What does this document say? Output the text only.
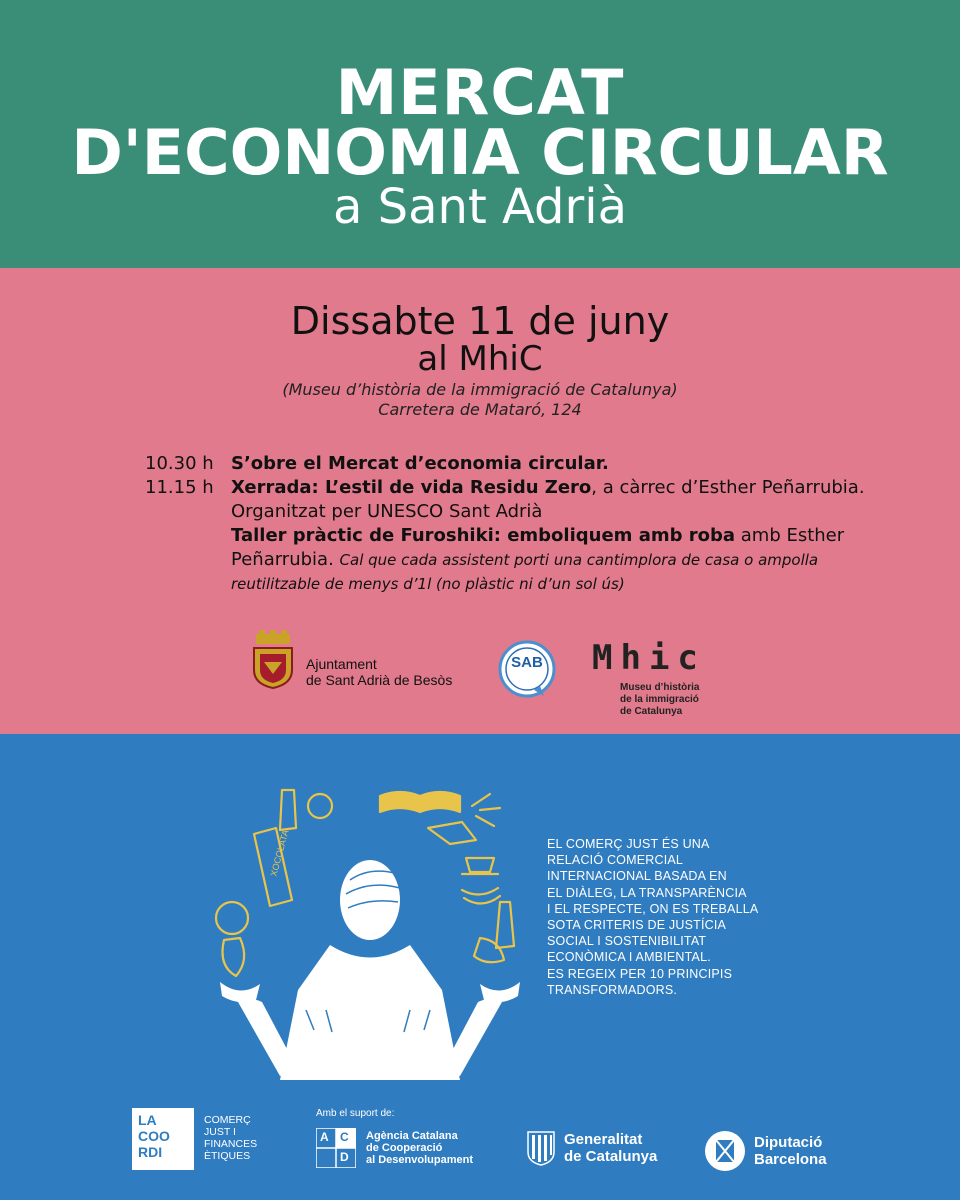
MERCAT
D'ECONOMIA CIRCULAR
a Sant Adrià
Dissabte 11 de juny
al MhiC
(Museu d’història de la immigració de Catalunya)
Carretera de Mataró, 124
10.30 h S’obre el Mercat d’economia circular.
11.15 h Xerrada: L’estil de vida Residu Zero, a càrrec d’Esther Peñarrubia.
Organitzat per UNESCO Sant Adrià
Taller pràctic de Furoshiki: emboliquem amb roba amb Esther Peñarrubia. Cal que cada assistent porti una cantimplora de casa o ampolla reutilitzable de menys d’1l (no plàstic ni d’un sol ús)
Ajuntament
de Sant Adrià de Besòs
SAB Mhic
Museu d’història
de la immigració
de Catalunya
XOCOLATA	EL COMERÇ JUST ÉS UNA
RELACIÓ COMERCIAL
INTERNACIONAL BASADA EN
EL DIÀLEG, LA TRANSPARÈNCIA
I EL RESPECTE, ON ES TREBALLA
SOTA CRITERIS DE JUSTÍCIA
SOCIAL I SOSTENIBILITAT
ECONÒMICA I AMBIENTAL.
ES REGEIX PER 10 PRINCIPIS
TRANSFORMADORS.
LA
COO
RDI
COMERÇ
JUST I
FINANCES
ÈTIQUES
Amb el suport de:
A C
D
Agència Catalana
de Cooperació
al Desenvolupament
Generalitat
de Catalunya
Diputació
Barcelona
